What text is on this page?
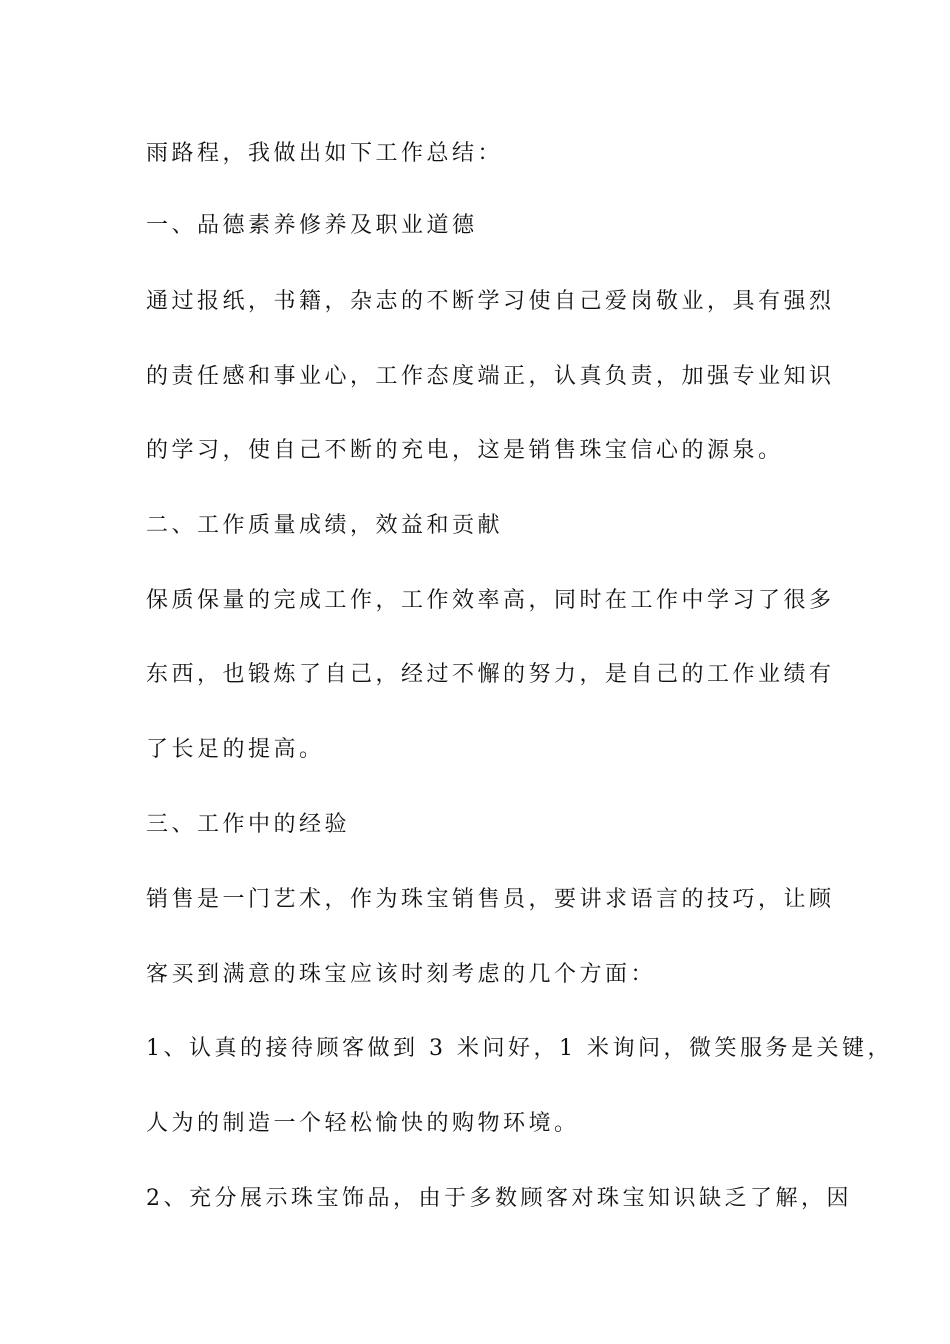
雨路程，我做出如下工作总结：
一、品德素养修养及职业道德
通过报纸，书籍，杂志的不断学习使自己爱岗敬业，具有强烈
的责任感和事业心，工作态度端正，认真负责，加强专业知识
的学习，使自己不断的充电，这是销售珠宝信心的源泉。
二、工作质量成绩，效益和贡献
保质保量的完成工作，工作效率高，同时在工作中学习了很多
东西，也锻炼了自己，经过不懈的努力，是自己的工作业绩有
了长足的提高。
三、工作中的经验
销售是一门艺术，作为珠宝销售员，要讲求语言的技巧，让顾
客买到满意的珠宝应该时刻考虑的几个方面：
1、认真的接待顾客做到 3 米问好，1 米询问，微笑服务是关键，
人为的制造一个轻松愉快的购物环境。
2、充分展示珠宝饰品，由于多数顾客对珠宝知识缺乏了解，因
